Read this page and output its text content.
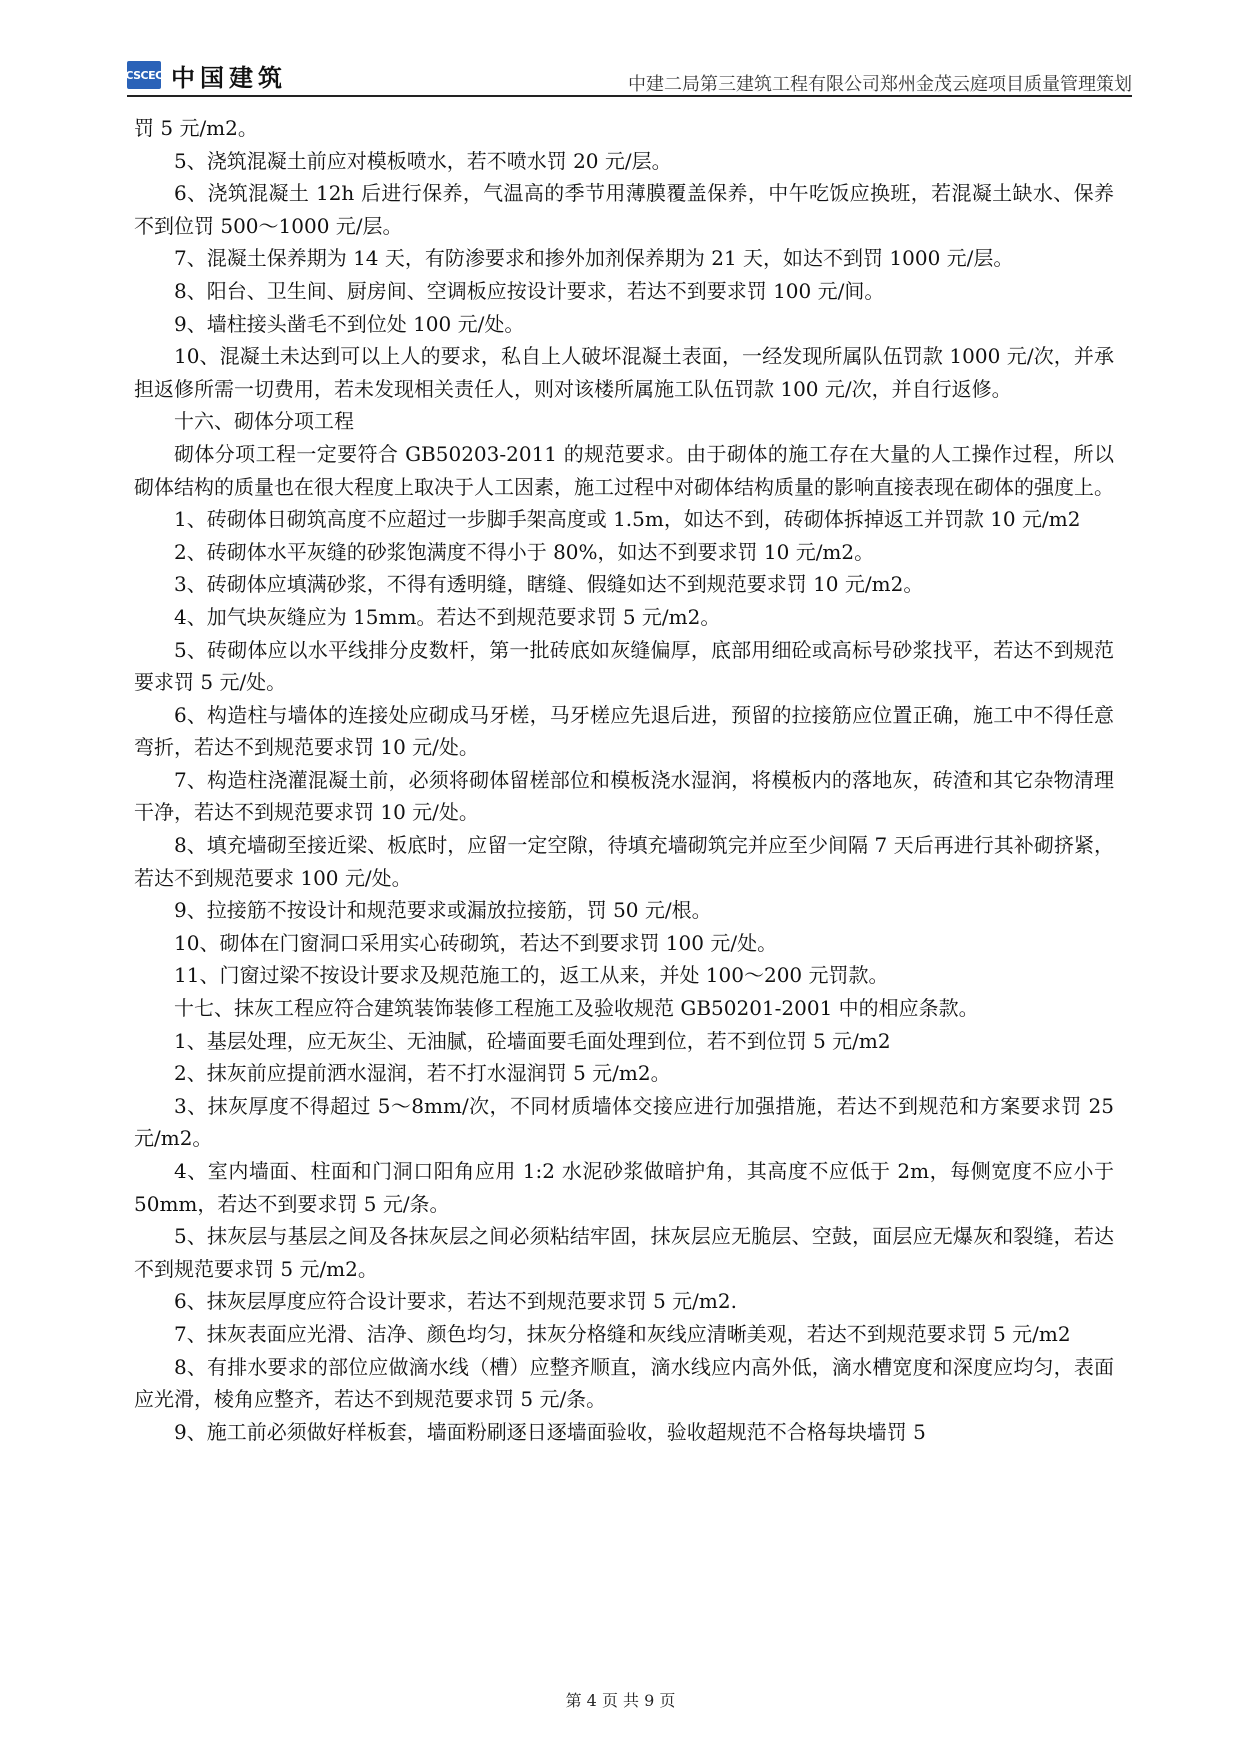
CSCEC 中国建筑	中建二局第三建筑工程有限公司郑州金茂云庭项目质量管理策划

罚 5 元/m2。

5、浇筑混凝土前应对模板喷水，若不喷水罚 20 元/层。

6、浇筑混凝土 12h 后进行保养，气温高的季节用薄膜覆盖保养，中午吃饭应换班，若混凝土缺水、保养不到位罚 500～1000 元/层。

7、混凝土保养期为 14 天，有防渗要求和掺外加剂保养期为 21 天，如达不到罚 1000 元/层。

8、阳台、卫生间、厨房间、空调板应按设计要求，若达不到要求罚 100 元/间。

9、墙柱接头凿毛不到位处 100 元/处。

10、混凝土未达到可以上人的要求，私自上人破坏混凝土表面，一经发现所属队伍罚款 1000 元/次，并承担返修所需一切费用，若未发现相关责任人，则对该楼所属施工队伍罚款 100 元/次，并自行返修。

十六、砌体分项工程

砌体分项工程一定要符合 GB50203-2011 的规范要求。由于砌体的施工存在大量的人工操作过程，所以砌体结构的质量也在很大程度上取决于人工因素，施工过程中对砌体结构质量的影响直接表现在砌体的强度上。

1、砖砌体日砌筑高度不应超过一步脚手架高度或 1.5m，如达不到，砖砌体拆掉返工并罚款 10 元/m2

2、砖砌体水平灰缝的砂浆饱满度不得小于 80%，如达不到要求罚 10 元/m2。

3、砖砌体应填满砂浆，不得有透明缝，瞎缝、假缝如达不到规范要求罚 10 元/m2。

4、加气块灰缝应为 15mm。若达不到规范要求罚 5 元/m2。

5、砖砌体应以水平线排分皮数杆，第一批砖底如灰缝偏厚，底部用细砼或高标号砂浆找平，若达不到规范要求罚 5 元/处。

6、构造柱与墙体的连接处应砌成马牙槎，马牙槎应先退后进，预留的拉接筋应位置正确，施工中不得任意弯折，若达不到规范要求罚 10 元/处。

7、构造柱浇灌混凝土前，必须将砌体留槎部位和模板浇水湿润，将模板内的落地灰，砖渣和其它杂物清理干净，若达不到规范要求罚 10 元/处。

8、填充墙砌至接近梁、板底时，应留一定空隙，待填充墙砌筑完并应至少间隔 7 天后再进行其补砌挤紧，若达不到规范要求 100 元/处。

9、拉接筋不按设计和规范要求或漏放拉接筋，罚 50 元/根。

10、砌体在门窗洞口采用实心砖砌筑，若达不到要求罚 100 元/处。

11、门窗过梁不按设计要求及规范施工的，返工从来，并处 100～200 元罚款。

十七、抹灰工程应符合建筑装饰装修工程施工及验收规范 GB50201-2001 中的相应条款。

1、基层处理，应无灰尘、无油腻，砼墙面要毛面处理到位，若不到位罚 5 元/m2

2、抹灰前应提前洒水湿润，若不打水湿润罚 5 元/m2。

3、抹灰厚度不得超过 5～8mm/次，不同材质墙体交接应进行加强措施，若达不到规范和方案要求罚 25 元/m2。

4、室内墙面、柱面和门洞口阳角应用 1:2 水泥砂浆做暗护角，其高度不应低于 2m，每侧宽度不应小于 50mm，若达不到要求罚 5 元/条。

5、抹灰层与基层之间及各抹灰层之间必须粘结牢固，抹灰层应无脆层、空鼓，面层应无爆灰和裂缝，若达不到规范要求罚 5 元/m2。

6、抹灰层厚度应符合设计要求，若达不到规范要求罚 5 元/m2.

7、抹灰表面应光滑、洁净、颜色均匀，抹灰分格缝和灰线应清晰美观，若达不到规范要求罚 5 元/m2

8、有排水要求的部位应做滴水线（槽）应整齐顺直，滴水线应内高外低，滴水槽宽度和深度应均匀，表面应光滑，棱角应整齐，若达不到规范要求罚 5 元/条。

9、施工前必须做好样板套，墙面粉刷逐日逐墙面验收，验收超规范不合格每块墙罚 5

第 4 页 共 9 页
